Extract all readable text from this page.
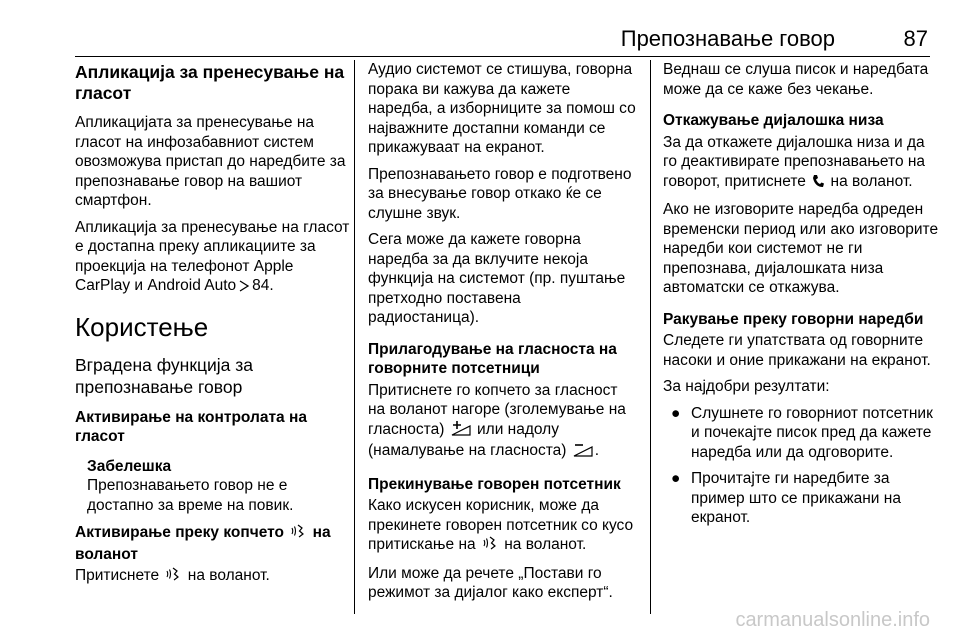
Препознавање говор	87
Апликација за пренесување на гласот

Апликацијата за пренесување на гласот на инфозабавниот систем овозможува пристап до наредбите за препознавање говор на вашиот смартфон.

Апликација за пренесување на гласот е достапна преку апликациите за проекција на телефонот Apple CarPlay и Android Auto 84.

Користење
Вградена функција за препознавање говор

Активирање на контролата на гласот

Забелешка
Препознавањето говор не е достапно за време на повик.

Активирање преку копчето на воланот

Притиснете на воланот.

Аудио системот се стишува, говорна порака ви кажува да кажете наредба, а изборниците за помош со најважните достапни команди се прикажуваат на екранот.

Препознавањето говор е подготвено за внесување говор откако ќе се слушне звук.

Сега може да кажете говорна наредба за да вклучите некоја функција на системот (пр. пуштање претходно поставена радиостаница).

Прилагодување на гласноста на говорните потсетници

Притиснете го копчето за гласност на воланот нагоре (зголемување на гласноста) или надолу (намалување на гласноста) .

Прекинување говорен потсетник

Како искусен корисник, може да прекинете говорен потсетник со кусо притискање на на воланот.

Или може да речете „Постави го режимот за дијалог како експерт“.

Веднаш се слуша писок и наредбата може да се каже без чекање.

Откажување дијалошка низа

За да откажете дијалошка низа и да го деактивирате препознавањето на говорот, притиснете на воланот.

Ако не изговорите наредба одреден временски период или ако изговорите наредби кои системот не ги препознава, дијалошката низа автоматски се откажува.

Ракување преку говорни наредби

Следете ги упатствата од говорните насоки и оние прикажани на екранот.

За најдобри резултати:

● Слушнете го говорниот потсетник и почекајте писок пред да кажете наредба или да одговорите.
● Прочитајте ги наредбите за пример што се прикажани на екранот.
carmanualsonline.info
